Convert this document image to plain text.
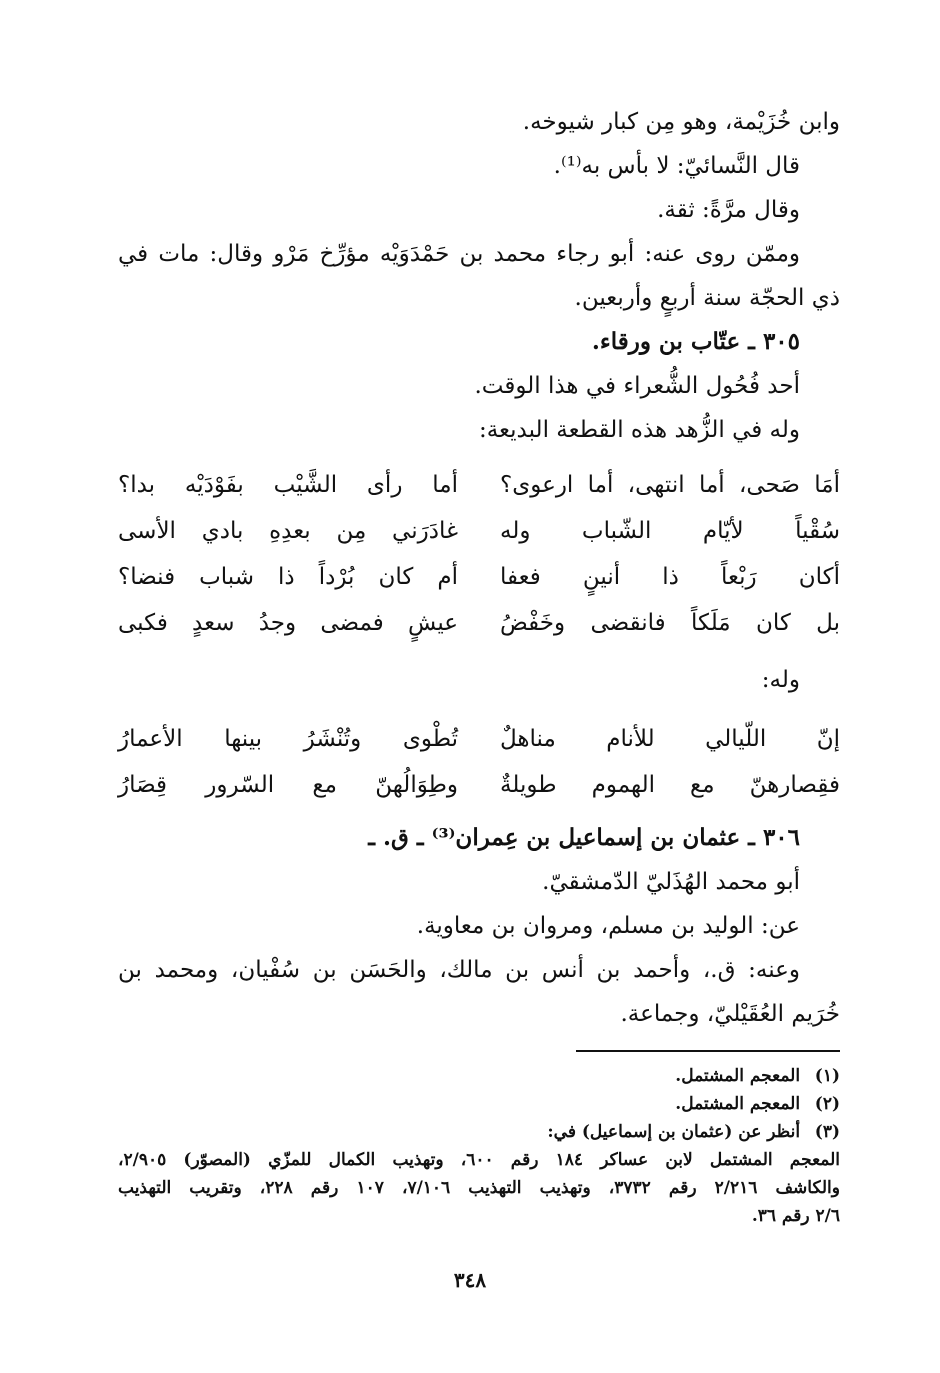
وابن خُزَيْمة، وهو مِن كبار شيوخه.
قال النَّسائيّ: لا بأس به⁽¹⁾.
وقال مرَّةً: ثقة.
وممّن روى عنه: أبو رجاء محمد بن حَمْدَوَيْه مؤرِّخ مَرْو وقال: مات في
ذي الحجّة سنة أربعٍ وأربعين.
٣٠٥ ـ عتّاب بن ورقاء.
أحد فُحُول الشُّعراء في هذا الوقت.
وله في الزُّهد هذه القطعة البديعة:
أمَا صَحى، أما انتهى، أما ارعوى؟
أما رأى الشَّيْب بفَوْدَيْه بدا؟
سُقْياً لأيّام الشّباب وله
غادَرَني مِن بعدِهِ بادي الأسى
أكان رَبْعاً ذا أنينٍ فعفا
أم كان بُرْداً ذا شباب فنضا؟
بل كان مَلَكاً فانقضى وخَفْضُ
عيشٍ فمضى وجدُ سعدٍ فكبى
وله:
إنّ اللّيالي للأنام مناهلٌ
تُطْوى وتُنْشَرُ بينها الأعمارُ
فقِصارهنّ مع الهموم طويلةٌ
وطِوَالُهنّ مع السّرور قِصَارُ
٣٠٦ ـ عثمان بن إسماعيل بن عِمران⁽³⁾ ـ ق. ـ
أبو محمد الهُذَليّ الدّمشقيّ.
عن: الوليد بن مسلم، ومروان بن معاوية.
وعنه: ق.، وأحمد بن أنس بن مالك، والحَسَن بن سُفْيان، ومحمد بن
خُرَيم العُقَيْليّ، وجماعة.
(١) المعجم المشتمل.
(٢) المعجم المشتمل.
(٣) أنظر عن (عثمان بن إسماعيل) في:
المعجم المشتمل لابن عساكر ١٨٤ رقم ٦٠٠، وتهذيب الكمال للمزّي (المصوّر) ٢/٩٠٥،
والكاشف ٢/٢١٦ رقم ٣٧٣٢، وتهذيب التهذيب ٧/١٠٦، ١٠٧ رقم ٢٢٨، وتقريب التهذيب
٢/٦ رقم ٣٦.
٣٤٨
